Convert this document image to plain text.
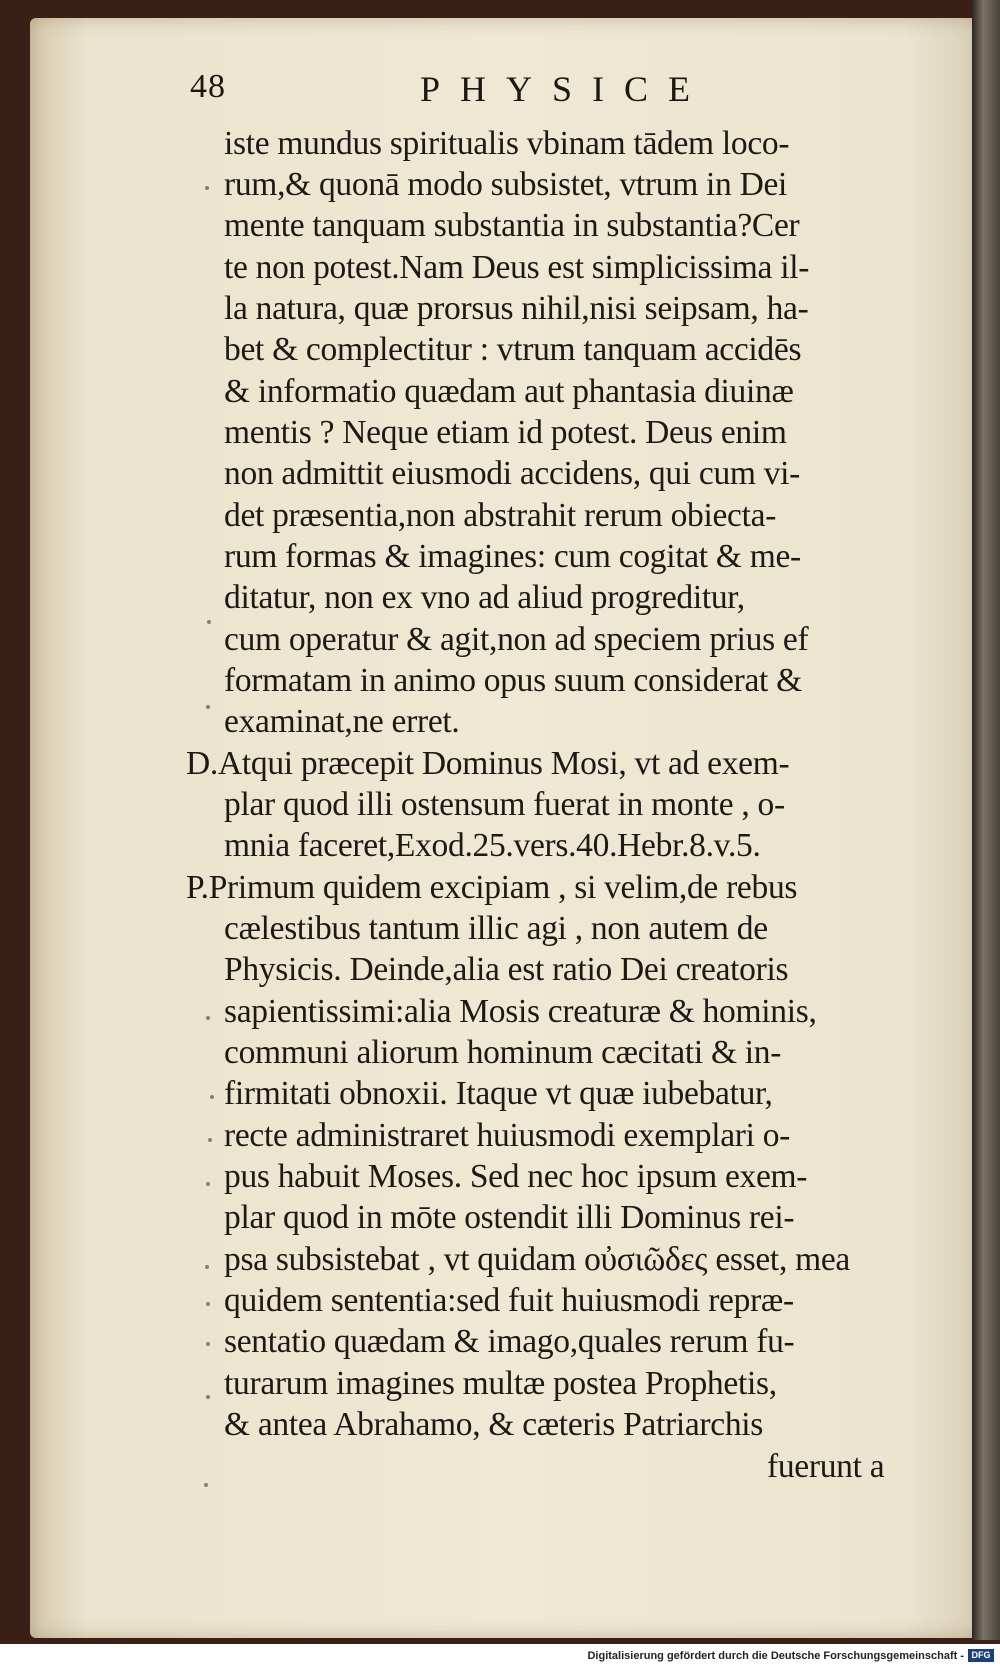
48	PHYSICE
iste mundus spiritualis vbinam tādem loco-
rum,& quonā modo subsistet, vtrum in Dei
mente tanquam substantia in substantia?Cer
te non potest.Nam Deus est simplicissima il-
la natura, quæ prorsus nihil,nisi seipsam, ha-
bet & complectitur : vtrum tanquam accidēs
& informatio quædam aut phantasia diuinæ
mentis ? Neque etiam id potest. Deus enim
non admittit eiusmodi accidens, qui cum vi-
det præsentia,non abstrahit rerum obiecta-
rum formas & imagines: cum cogitat & me-
ditatur, non ex vno ad aliud progreditur,
cum operatur & agit,non ad speciem prius ef
formatam in animo opus suum considerat &
examinat,ne erret.
D.Atqui præcepit Dominus Mosi, vt ad exem-
plar quod illi ostensum fuerat in monte , o-
mnia faceret,Exod.25.vers.40.Hebr.8.v.5.
P.Primum quidem excipiam , si velim,de rebus
cælestibus tantum illic agi , non autem de
Physicis. Deinde,alia est ratio Dei creatoris
sapientissimi:alia Mosis creaturæ & hominis,
communi aliorum hominum cæcitati & in-
firmitati obnoxii. Itaque vt quæ iubebatur,
recte administraret huiusmodi exemplari o-
pus habuit Moses. Sed nec hoc ipsum exem-
plar quod in mōte ostendit illi Dominus rei-
psa subsistebat , vt quidam οὐσιῶδες esset, mea
quidem sententia:sed fuit huiusmodi repræ-
sentatio quædam & imago,quales rerum fu-
turarum imagines multæ postea Prophetis,
& antea Abrahamo, & cæteris Patriarchis
fuerunt a
Digitalisierung gefördert durch die Deutsche Forschungsgemeinschaft - DFG
